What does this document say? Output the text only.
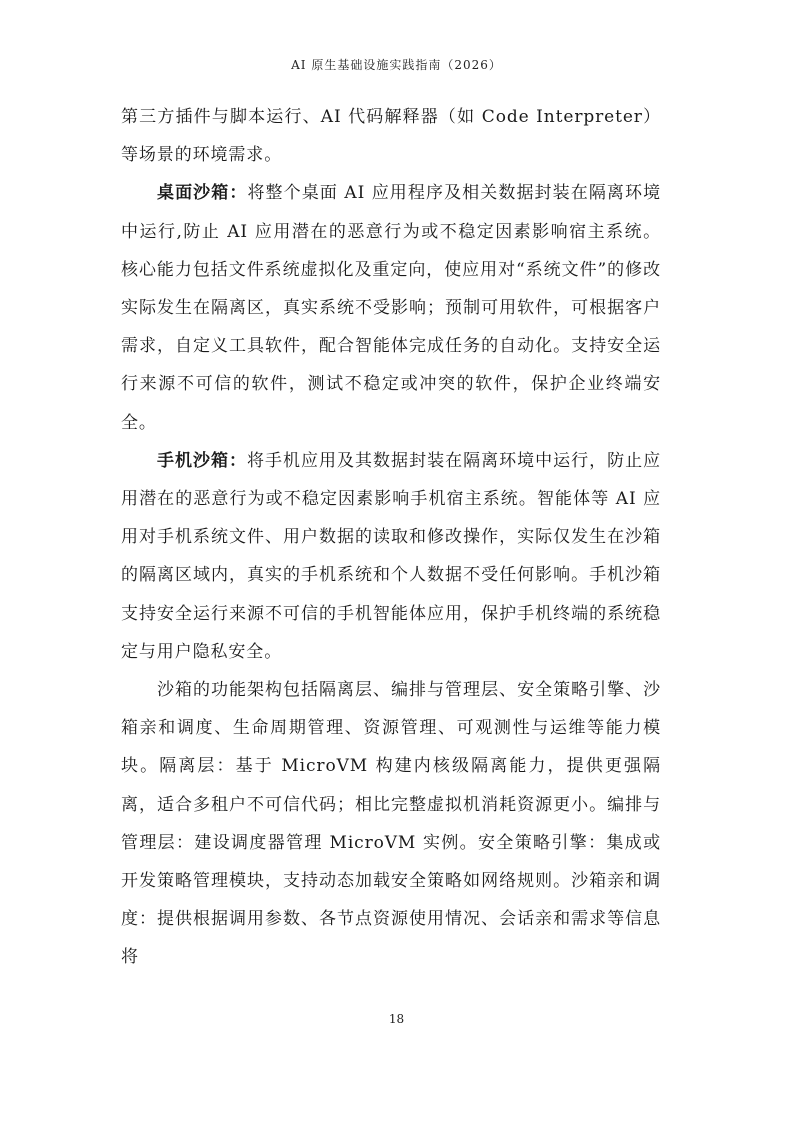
AI 原生基础设施实践指南（2026）

第三方插件与脚本运行、AI 代码解释器（如 Code Interpreter）等场景的环境需求。

桌面沙箱：将整个桌面 AI 应用程序及相关数据封装在隔离环境中运行,防止 AI 应用潜在的恶意行为或不稳定因素影响宿主系统。核心能力包括文件系统虚拟化及重定向，使应用对“系统文件”的修改实际发生在隔离区，真实系统不受影响；预制可用软件，可根据客户需求，自定义工具软件，配合智能体完成任务的自动化。支持安全运行来源不可信的软件，测试不稳定或冲突的软件，保护企业终端安全。

手机沙箱：将手机应用及其数据封装在隔离环境中运行，防止应用潜在的恶意行为或不稳定因素影响手机宿主系统。智能体等 AI 应用对手机系统文件、用户数据的读取和修改操作，实际仅发生在沙箱的隔离区域内，真实的手机系统和个人数据不受任何影响。手机沙箱支持安全运行来源不可信的手机智能体应用，保护手机终端的系统稳定与用户隐私安全。

沙箱的功能架构包括隔离层、编排与管理层、安全策略引擎、沙箱亲和调度、生命周期管理、资源管理、可观测性与运维等能力模块。隔离层：基于 MicroVM 构建内核级隔离能力，提供更强隔离，适合多租户不可信代码；相比完整虚拟机消耗资源更小。编排与管理层：建设调度器管理 MicroVM 实例。安全策略引擎：集成或开发策略管理模块，支持动态加载安全策略如网络规则。沙箱亲和调度：提供根据调用参数、各节点资源使用情况、会话亲和需求等信息将

18
